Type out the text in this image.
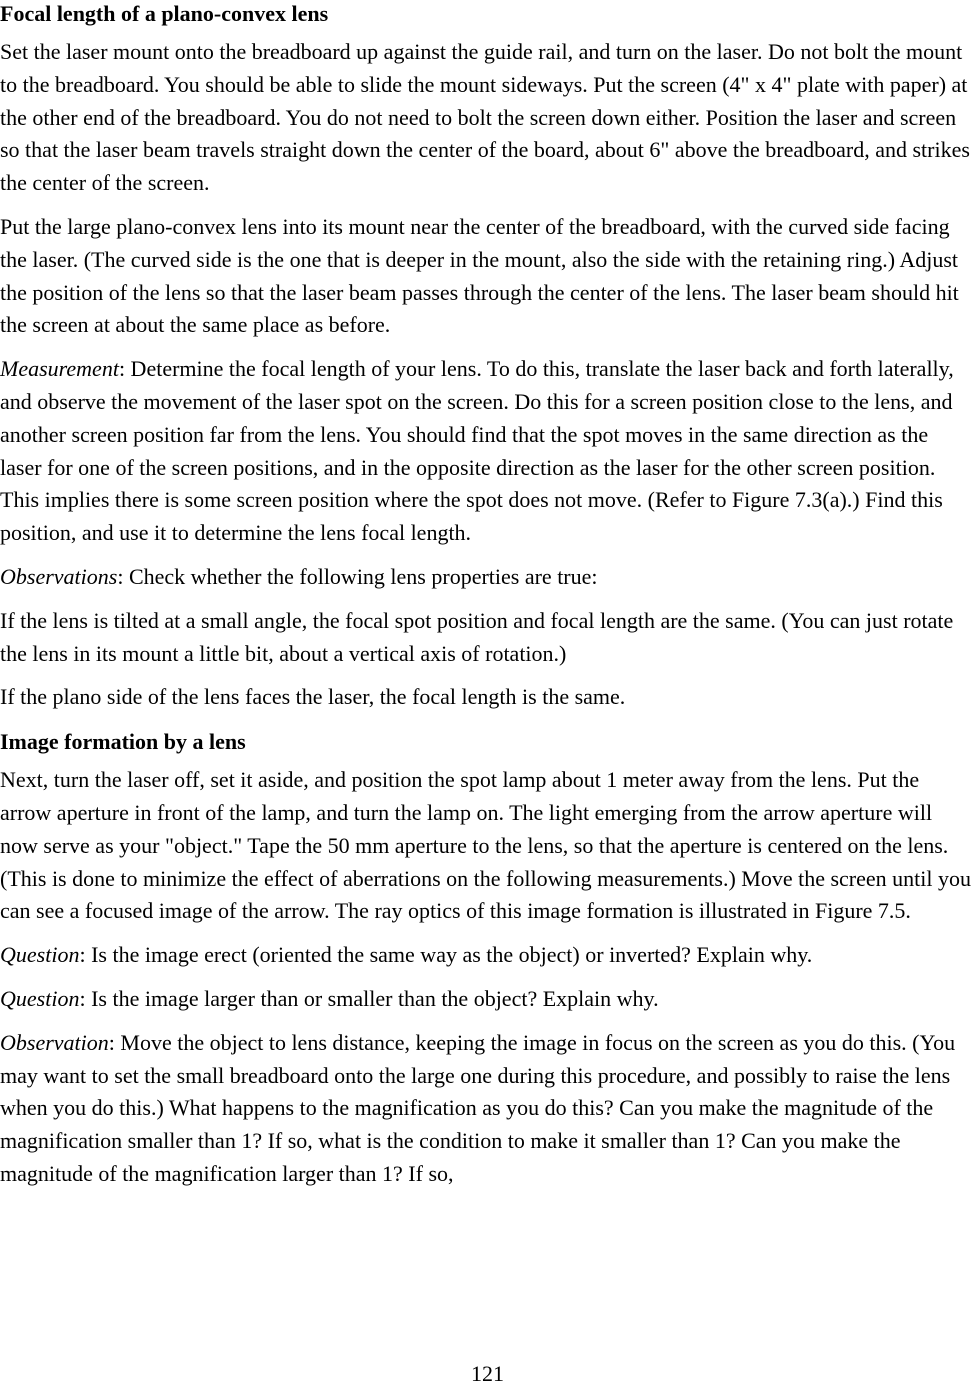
Focal length of a plano-convex lens

Set the laser mount onto the breadboard up against the guide rail, and turn on the laser. Do not bolt the mount to the breadboard. You should be able to slide the mount sideways. Put the screen (4" x 4" plate with paper) at the other end of the breadboard. You do not need to bolt the screen down either. Position the laser and screen so that the laser beam travels straight down the center of the board, about 6" above the breadboard, and strikes the center of the screen.

Put the large plano-convex lens into its mount near the center of the breadboard, with the curved side facing the laser. (The curved side is the one that is deeper in the mount, also the side with the retaining ring.) Adjust the position of the lens so that the laser beam passes through the center of the lens. The laser beam should hit the screen at about the same place as before.

Measurement: Determine the focal length of your lens. To do this, translate the laser back and forth laterally, and observe the movement of the laser spot on the screen. Do this for a screen position close to the lens, and another screen position far from the lens. You should find that the spot moves in the same direction as the laser for one of the screen positions, and in the opposite direction as the laser for the other screen position. This implies there is some screen position where the spot does not move. (Refer to Figure 7.3(a).) Find this position, and use it to determine the lens focal length.

Observations: Check whether the following lens properties are true:

If the lens is tilted at a small angle, the focal spot position and focal length are the same. (You can just rotate the lens in its mount a little bit, about a vertical axis of rotation.)

If the plano side of the lens faces the laser, the focal length is the same.

Image formation by a lens

Next, turn the laser off, set it aside, and position the spot lamp about 1 meter away from the lens. Put the arrow aperture in front of the lamp, and turn the lamp on. The light emerging from the arrow aperture will now serve as your "object." Tape the 50 mm aperture to the lens, so that the aperture is centered on the lens. (This is done to minimize the effect of aberrations on the following measurements.) Move the screen until you can see a focused image of the arrow. The ray optics of this image formation is illustrated in Figure 7.5.

Question: Is the image erect (oriented the same way as the object) or inverted? Explain why.

Question: Is the image larger than or smaller than the object? Explain why.

Observation: Move the object to lens distance, keeping the image in focus on the screen as you do this. (You may want to set the small breadboard onto the large one during this procedure, and possibly to raise the lens when you do this.) What happens to the magnification as you do this? Can you make the magnitude of the magnification smaller than 1? If so, what is the condition to make it smaller than 1? Can you make the magnitude of the magnification larger than 1? If so,

121
